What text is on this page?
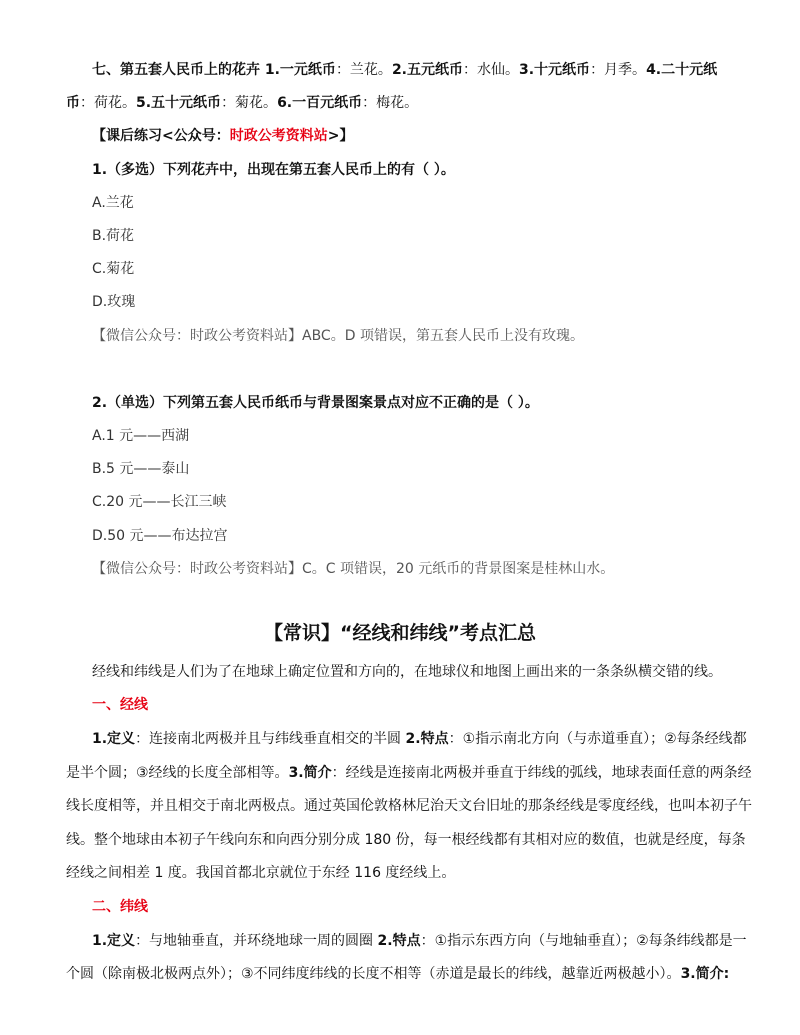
七、第五套人民币上的花卉 1.一元纸币：兰花。2.五元纸币：水仙。3.十元纸币：月季。4.二十元纸
币：荷花。5.五十元纸币：菊花。6.一百元纸币：梅花。
【课后练习<公众号：时政公考资料站>】
1.（多选）下列花卉中，出现在第五套人民币上的有（ ）。
A.兰花
B.荷花
C.菊花
D.玫瑰
【微信公众号：时政公考资料站】ABC。D 项错误，第五套人民币上没有玫瑰。
2.（单选）下列第五套人民币纸币与背景图案景点对应不正确的是（ ）。
A.1 元——西湖
B.5 元——泰山
C.20 元——长江三峡
D.50 元——布达拉宫
【微信公众号：时政公考资料站】C。C 项错误，20 元纸币的背景图案是桂林山水。
【常识】“经线和纬线”考点汇总
经线和纬线是人们为了在地球上确定位置和方向的，在地球仪和地图上画出来的一条条纵横交错的线。
一、经线
1.定义：连接南北两极并且与纬线垂直相交的半圆 2.特点：①指示南北方向（与赤道垂直）；②每条经线都
是半个圆；③经线的长度全部相等。3.简介：经线是连接南北两极并垂直于纬线的弧线，地球表面任意的两条经
线长度相等，并且相交于南北两极点。通过英国伦敦格林尼治天文台旧址的那条经线是零度经线，也叫本初子午
线。整个地球由本初子午线向东和向西分别分成 180 份，每一根经线都有其相对应的数值，也就是经度，每条
经线之间相差 1 度。我国首都北京就位于东经 116 度经线上。
二、纬线
1.定义：与地轴垂直，并环绕地球一周的圆圈 2.特点：①指示东西方向（与地轴垂直）；②每条纬线都是一
个圆（除南极北极两点外）；③不同纬度纬线的长度不相等（赤道是最长的纬线，越靠近两极越小）。3.简介:
